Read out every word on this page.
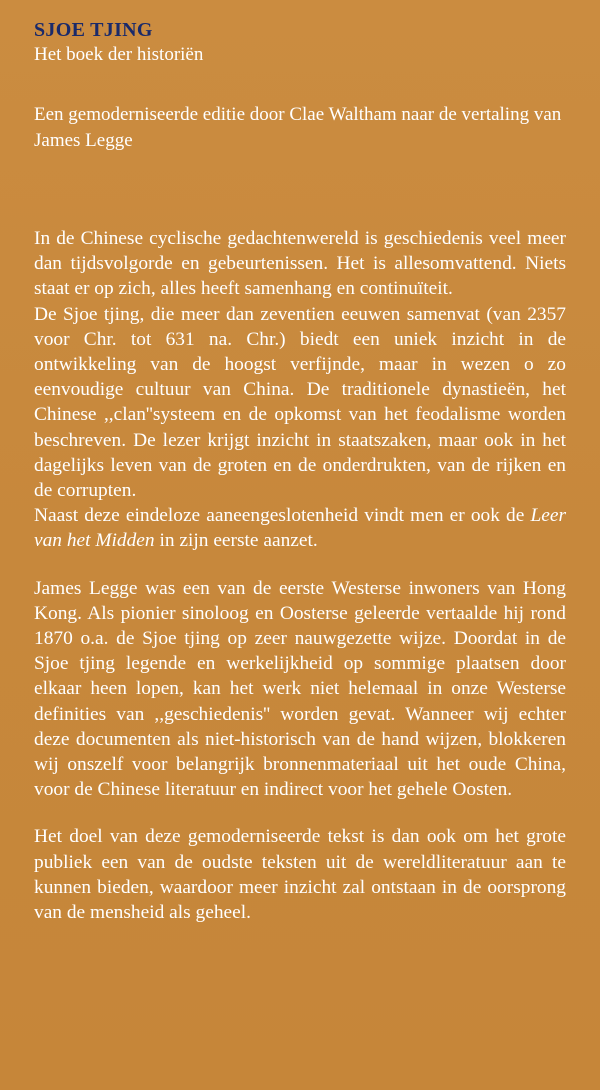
SJOE TJING

Het boek der historiën

Een gemoderniseerde editie door Clae Waltham naar de vertaling van James Legge

In de Chinese cyclische gedachtenwereld is geschiedenis veel meer dan tijdsvolgorde en gebeurtenissen. Het is allesomvattend. Niets staat er op zich, alles heeft samenhang en continuïteit.

De Sjoe tjing, die meer dan zeventien eeuwen samenvat (van 2357 voor Chr. tot 631 na. Chr.) biedt een uniek inzicht in de ontwikkeling van de hoogst verfijnde, maar in wezen o zo eenvoudige cultuur van China. De traditionele dynastieën, het Chinese ,,clan''systeem en de opkomst van het feodalisme worden beschreven. De lezer krijgt inzicht in staatszaken, maar ook in het dagelijks leven van de groten en de onderdrukten, van de rijken en de corrupten.

Naast deze eindeloze aaneengeslotenheid vindt men er ook de Leer van het Midden in zijn eerste aanzet.

James Legge was een van de eerste Westerse inwoners van Hong Kong. Als pionier sinoloog en Oosterse geleerde vertaalde hij rond 1870 o.a. de Sjoe tjing op zeer nauwgezette wijze. Doordat in de Sjoe tjing legende en werkelijkheid op sommige plaatsen door elkaar heen lopen, kan het werk niet helemaal in onze Westerse definities van ,,geschiedenis'' worden gevat. Wanneer wij echter deze documenten als niet-historisch van de hand wijzen, blokkeren wij onszelf voor belangrijk bronnenmateriaal uit het oude China, voor de Chinese literatuur en indirect voor het gehele Oosten.

Het doel van deze gemoderniseerde tekst is dan ook om het grote publiek een van de oudste teksten uit de wereldliteratuur aan te kunnen bieden, waardoor meer inzicht zal ontstaan in de oorsprong van de mensheid als geheel.
